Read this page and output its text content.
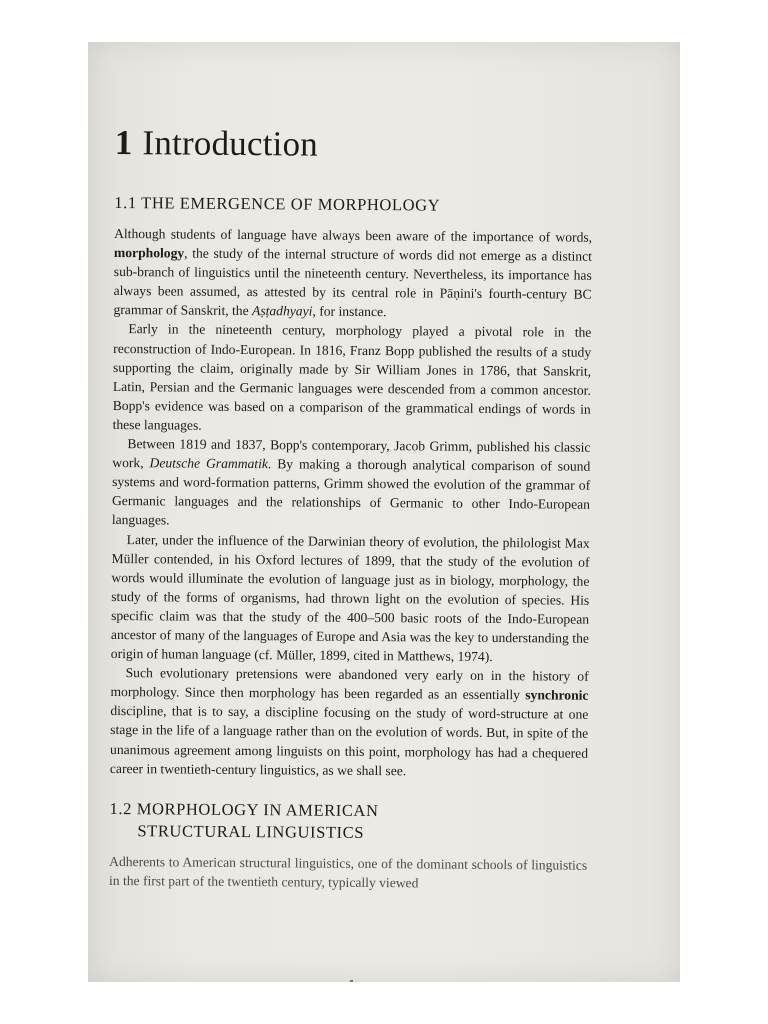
1 Introduction
1.1 THE EMERGENCE OF MORPHOLOGY

Although students of language have always been aware of the importance of words, morphology, the study of the internal structure of words did not emerge as a distinct sub-branch of linguistics until the nineteenth century. Nevertheless, its importance has always been assumed, as attested by its central role in Pāṇini's fourth-century BC grammar of Sanskrit, the Aṣṭadhyayi, for instance.

Early in the nineteenth century, morphology played a pivotal role in the reconstruction of Indo-European. In 1816, Franz Bopp published the results of a study supporting the claim, originally made by Sir William Jones in 1786, that Sanskrit, Latin, Persian and the Germanic languages were descended from a common ancestor. Bopp's evidence was based on a comparison of the grammatical endings of words in these languages.

Between 1819 and 1837, Bopp's contemporary, Jacob Grimm, published his classic work, Deutsche Grammatik. By making a thorough analytical comparison of sound systems and word-formation patterns, Grimm showed the evolution of the grammar of Germanic languages and the relationships of Germanic to other Indo-European languages.

Later, under the influence of the Darwinian theory of evolution, the philologist Max Müller contended, in his Oxford lectures of 1899, that the study of the evolution of words would illuminate the evolution of language just as in biology, morphology, the study of the forms of organisms, had thrown light on the evolution of species. His specific claim was that the study of the 400–500 basic roots of the Indo-European ancestor of many of the languages of Europe and Asia was the key to understanding the origin of human language (cf. Müller, 1899, cited in Matthews, 1974).

Such evolutionary pretensions were abandoned very early on in the history of morphology. Since then morphology has been regarded as an essentially synchronic discipline, that is to say, a discipline focusing on the study of word-structure at one stage in the life of a language rather than on the evolution of words. But, in spite of the unanimous agreement among linguists on this point, morphology has had a chequered career in twentieth-century linguistics, as we shall see.

1.2 MORPHOLOGY IN AMERICAN
STRUCTURAL LINGUISTICS

Adherents to American structural linguistics, one of the dominant schools of linguistics in the first part of the twentieth century, typically viewed
